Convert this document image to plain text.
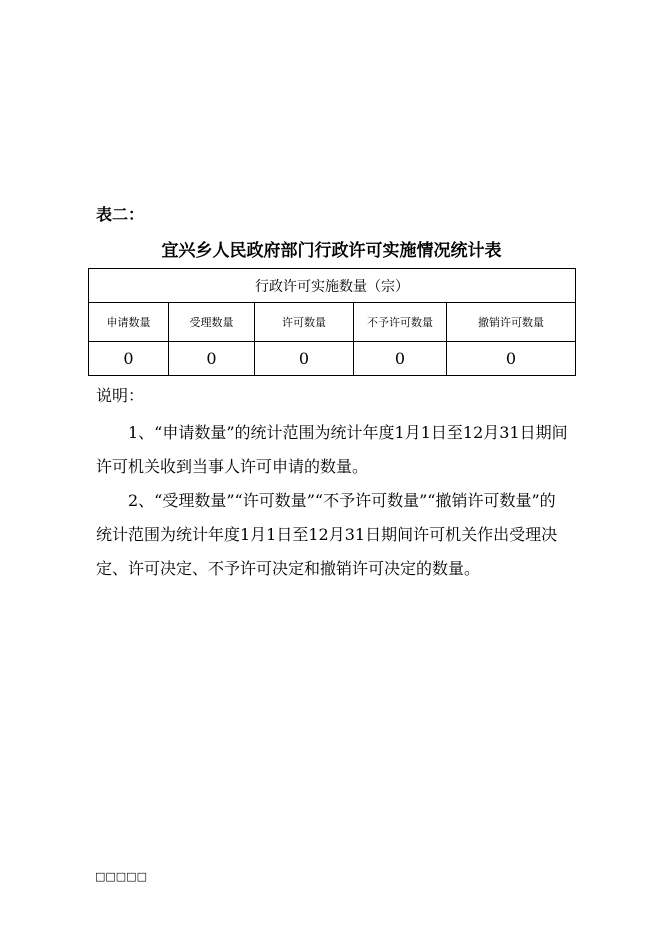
表二：
宜兴乡人民政府部门行政许可实施情况统计表
行政许可实施数量（宗）				
申请数量	受理数量	许可数量	不予许可数量	撤销许可数量
0	0	0	0	0
说明：
1、“申请数量”的统计范围为统计年度1月1日至12月31日期间许可机关收到当事人许可申请的数量。
2、“受理数量”“许可数量”“不予许可数量”“撤销许可数量”的统计范围为统计年度1月1日至12月31日期间许可机关作出受理决定、许可决定、不予许可决定和撤销许可决定的数量。
□□□□□
